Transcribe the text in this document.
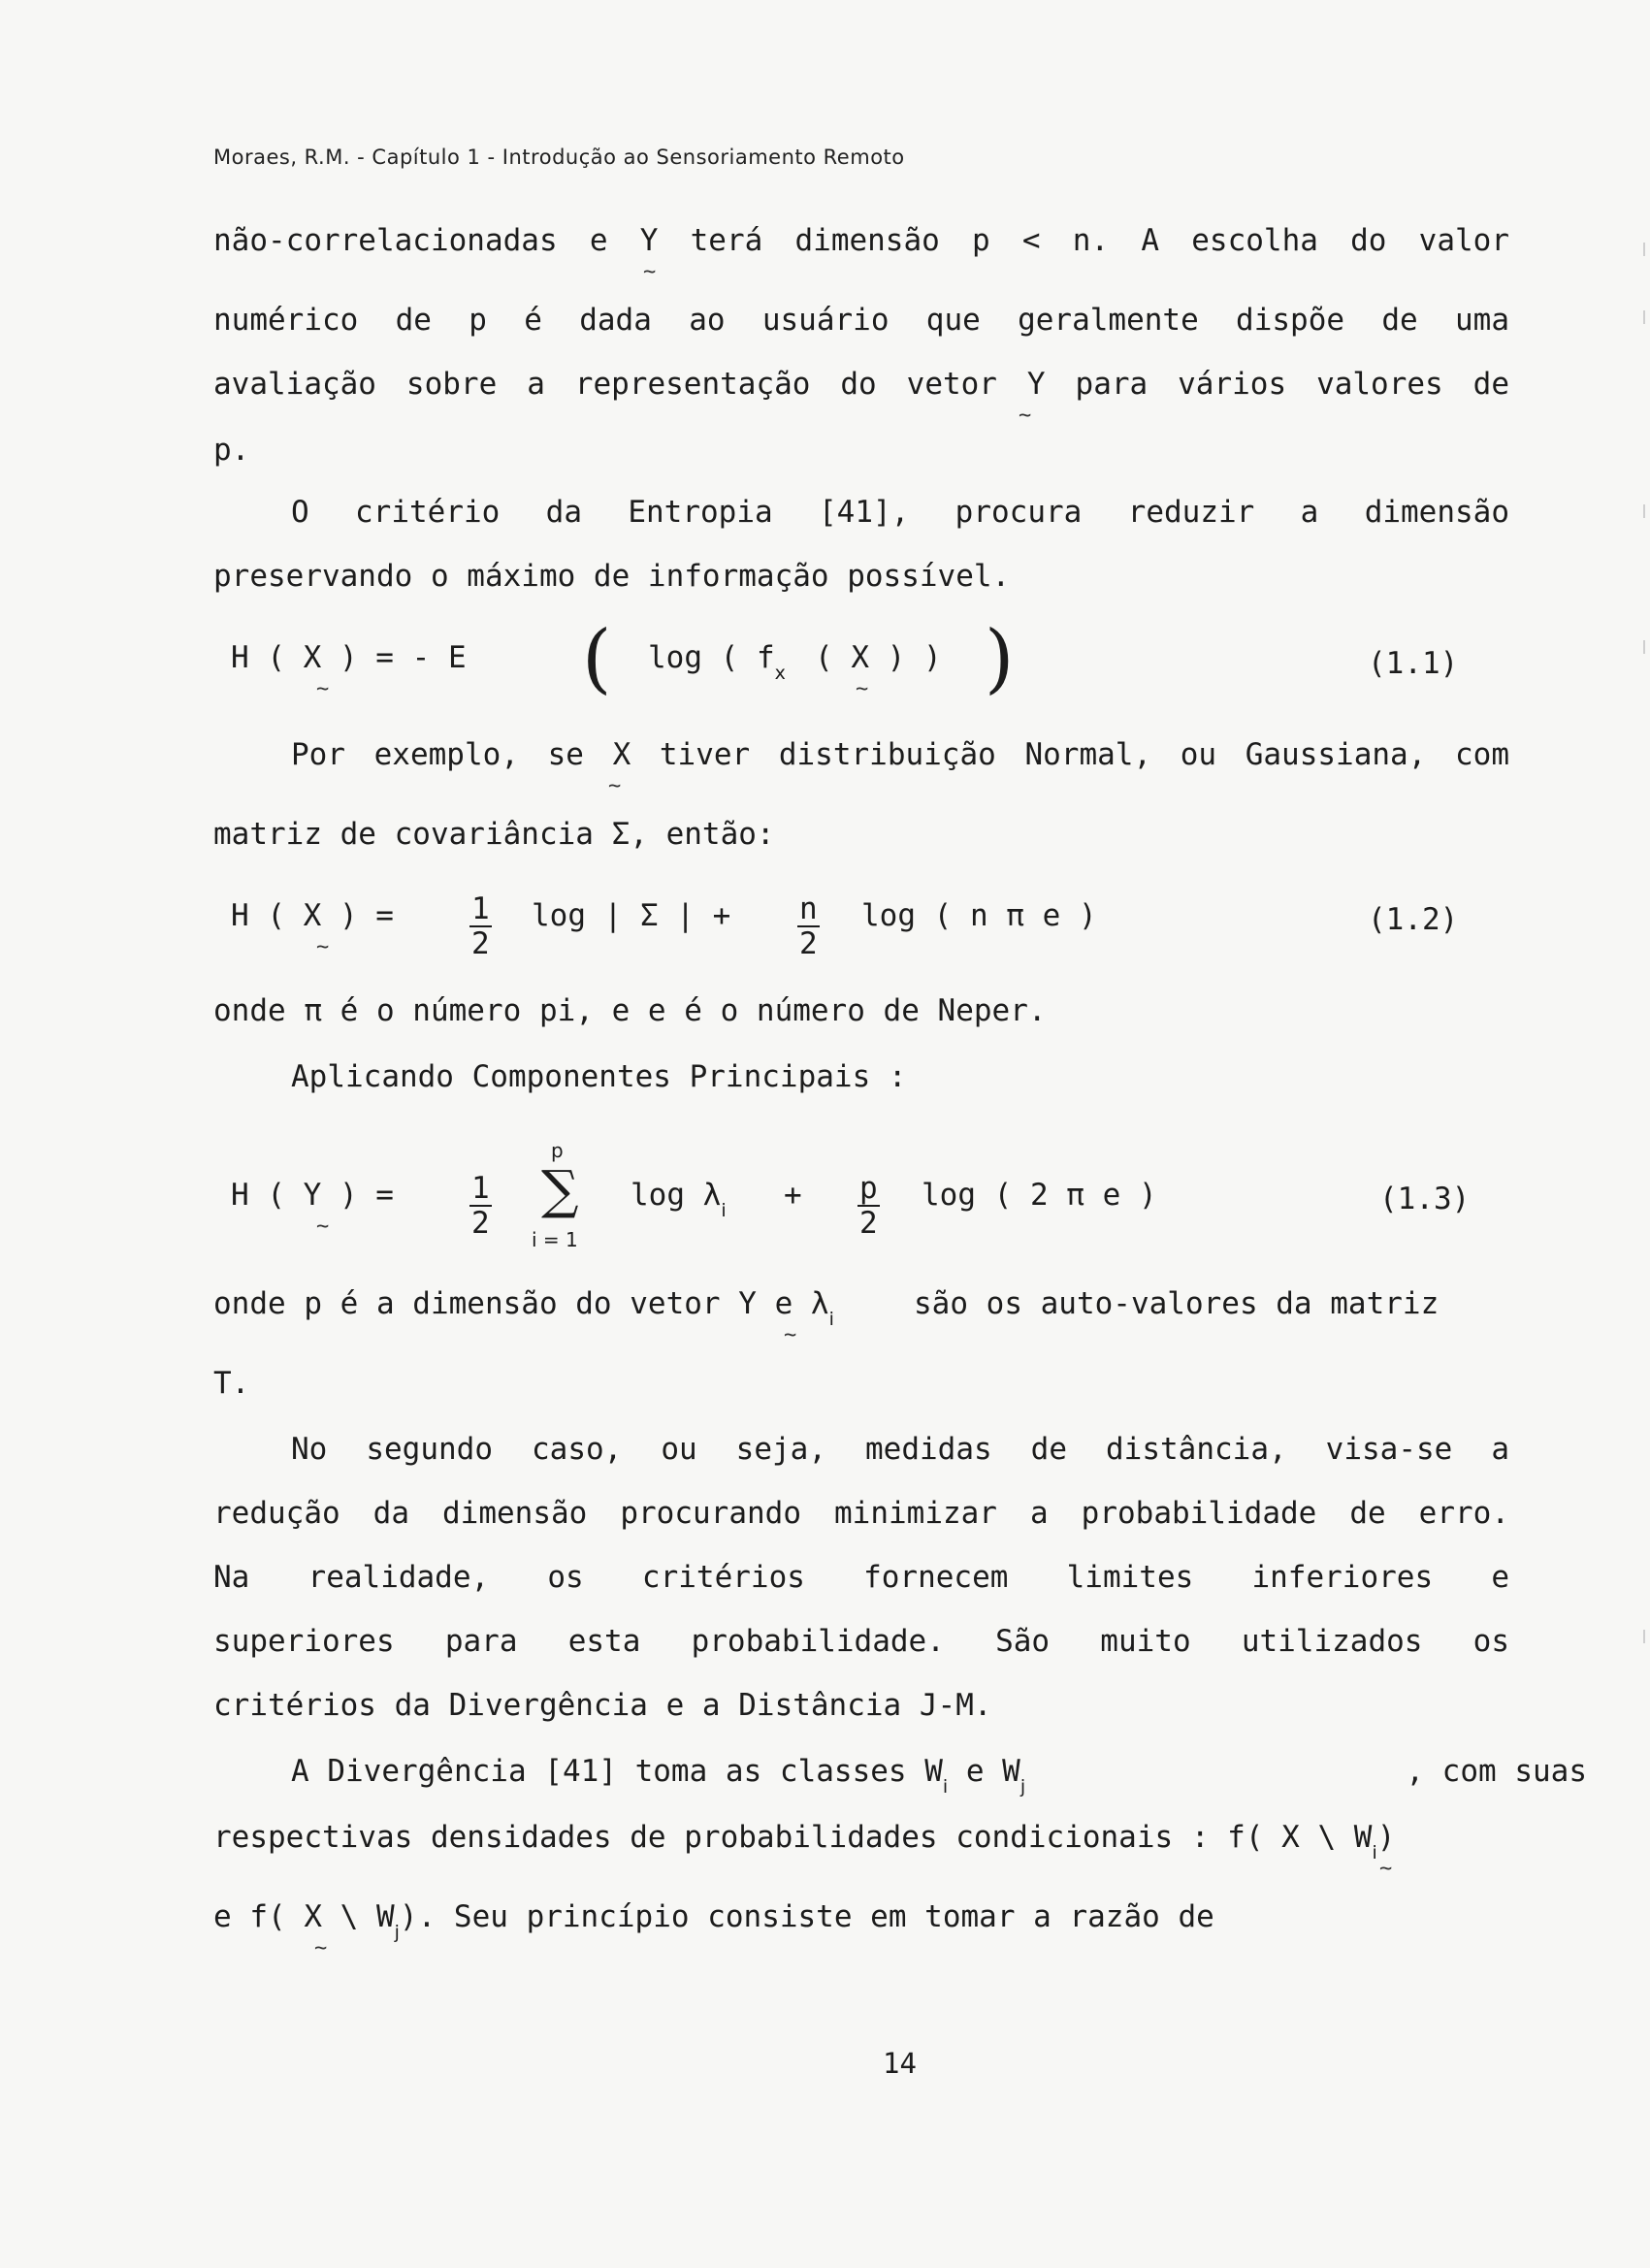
Moraes, R.M. - Capítulo 1 - Introdução ao Sensoriamento Remoto
não-correlacionadas e Y terá dimensão p < n. A escolha do valor
~
numérico de p é dada ao usuário que geralmente dispõe de uma
avaliação sobre a representação do vetor Y para vários valores de
~
p.
O critério da Entropia [41], procura reduzir a dimensão
preservando o máximo de informação possível.
H ( X ) = - E
~	( log ( $f_x$ ( X ) )
~ )	(1.1)
Por exemplo, se X tiver distribuição Normal, ou Gaussiana, com
~
matriz de covariância Σ, então:
H ( X ) =
~	$\frac{1}{2}$ log | Σ | + $\frac{n}{2}$ log ( n π e )	(1.2)
onde π é o número pi, e e é o número de Neper.
Aplicando Componentes Principais :
H ( Y ) =
~	$\frac{1}{2}$
p
∑
i = 1
$\log \lambda_i + \frac{p}{2}$ log ( 2 π e )	(1.3)
onde p é a dimensão do vetor Y e $\lambda_i$	são os auto-valores da matriz
~
T.
No segundo caso, ou seja, medidas de distância, visa-se a
redução da dimensão procurando minimizar a probabilidade de erro.
Na realidade, os critérios fornecem limites inferiores e
superiores para esta probabilidade. São muito utilizados os
critérios da Divergência e a Distância J-M.
A Divergência [41] toma as classes $W_i$ e $W_j$	, com suas
respectivas densidades de probabilidades condicionais : f( X \ $W_i$)
~
e f( X \ $W_j$). Seu princípio consiste em tomar a razão de
~
14
